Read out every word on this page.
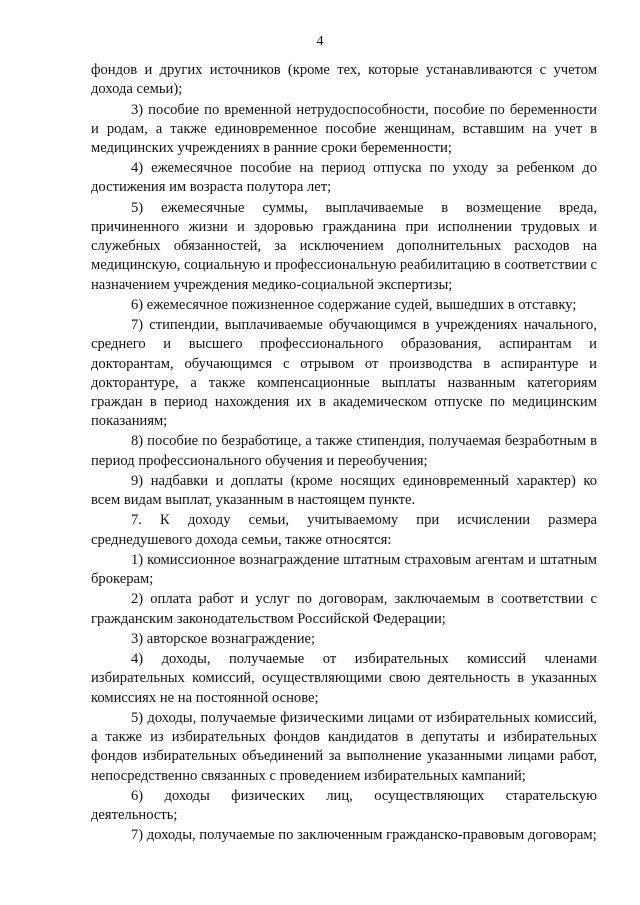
4

фондов и других источников (кроме тех, которые устанавливаются с учетом дохода семьи);

3) пособие по временной нетрудоспособности, пособие по беременности и родам, а также единовременное пособие женщинам, вставшим на учет в медицинских учреждениях в ранние сроки беременности;

4) ежемесячное пособие на период отпуска по уходу за ребенком до достижения им возраста полутора лет;

5) ежемесячные суммы, выплачиваемые в возмещение вреда, причиненного жизни и здоровью гражданина при исполнении трудовых и служебных обязанностей, за исключением дополнительных расходов на медицинскую, социальную и профессиональную реабилитацию в соответствии с назначением учреждения медико-социальной экспертизы;

6) ежемесячное пожизненное содержание судей, вышедших в отставку;

7) стипендии, выплачиваемые обучающимся в учреждениях начального, среднего и высшего профессионального образования, аспирантам и докторантам, обучающимся с отрывом от производства в аспирантуре и докторантуре, а также компенсационные выплаты названным категориям граждан в период нахождения их в академическом отпуске по медицинским показаниям;

8) пособие по безработице, а также стипендия, получаемая безработным в период профессионального обучения и переобучения;

9) надбавки и доплаты (кроме носящих единовременный характер) ко всем видам выплат, указанным в настоящем пункте.

7. К доходу семьи, учитываемому при исчислении размера среднедушевого дохода семьи, также относятся:

1) комиссионное вознаграждение штатным страховым агентам и штатным брокерам;

2) оплата работ и услуг по договорам, заключаемым в соответствии с гражданским законодательством Российской Федерации;

3) авторское вознаграждение;

4) доходы, получаемые от избирательных комиссий членами избирательных комиссий, осуществляющими свою деятельность в указанных комиссиях не на постоянной основе;

5) доходы, получаемые физическими лицами от избирательных комиссий, а также из избирательных фондов кандидатов в депутаты и избирательных фондов избирательных объединений за выполнение указанными лицами работ, непосредственно связанных с проведением избирательных кампаний;

6) доходы физических лиц, осуществляющих старательскую деятельность;

7) доходы, получаемые по заключенным гражданско-правовым договорам;
